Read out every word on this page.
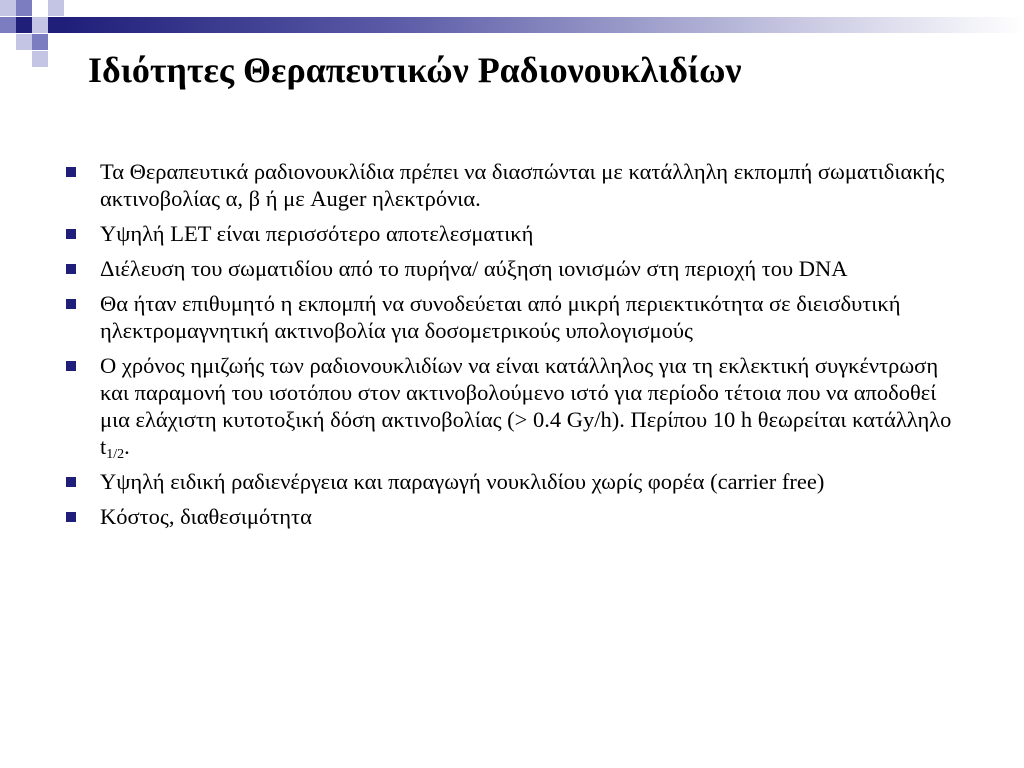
Ιδιότητες Θεραπευτικών Ραδιονουκλιδίων
Τα Θεραπευτικά ραδιονουκλίδια πρέπει να διασπώνται με κατάλληλη εκπομπή σωματιδιακής ακτινοβολίας α, β ή με Auger ηλεκτρόνια.
Υψηλή LET είναι περισσότερο αποτελεσματική
Διέλευση του σωματιδίου από το πυρήνα/ αύξηση ιονισμών στη περιοχή του DNA
Θα ήταν επιθυμητό η εκπομπή να συνοδεύεται από μικρή περιεκτικότητα σε διεισδυτική ηλεκτρομαγνητική ακτινοβολία για δοσομετρικούς υπολογισμούς
Ο χρόνος ημιζωής των ραδιονουκλιδίων να είναι κατάλληλος για τη εκλεκτική συγκέντρωση και παραμονή του ισοτόπου στον ακτινοβολούμενο ιστό για περίοδο τέτοια που να αποδοθεί μια ελάχιστη κυτοτοξική δόση ακτινοβολίας (> 0.4 Gy/h). Περίπου 10 h θεωρείται κατάλληλο $t_{1/2}$.
Υψηλή ειδική ραδιενέργεια και παραγωγή νουκλιδίου χωρίς φορέα (carrier free)
Κόστος, διαθεσιμότητα
